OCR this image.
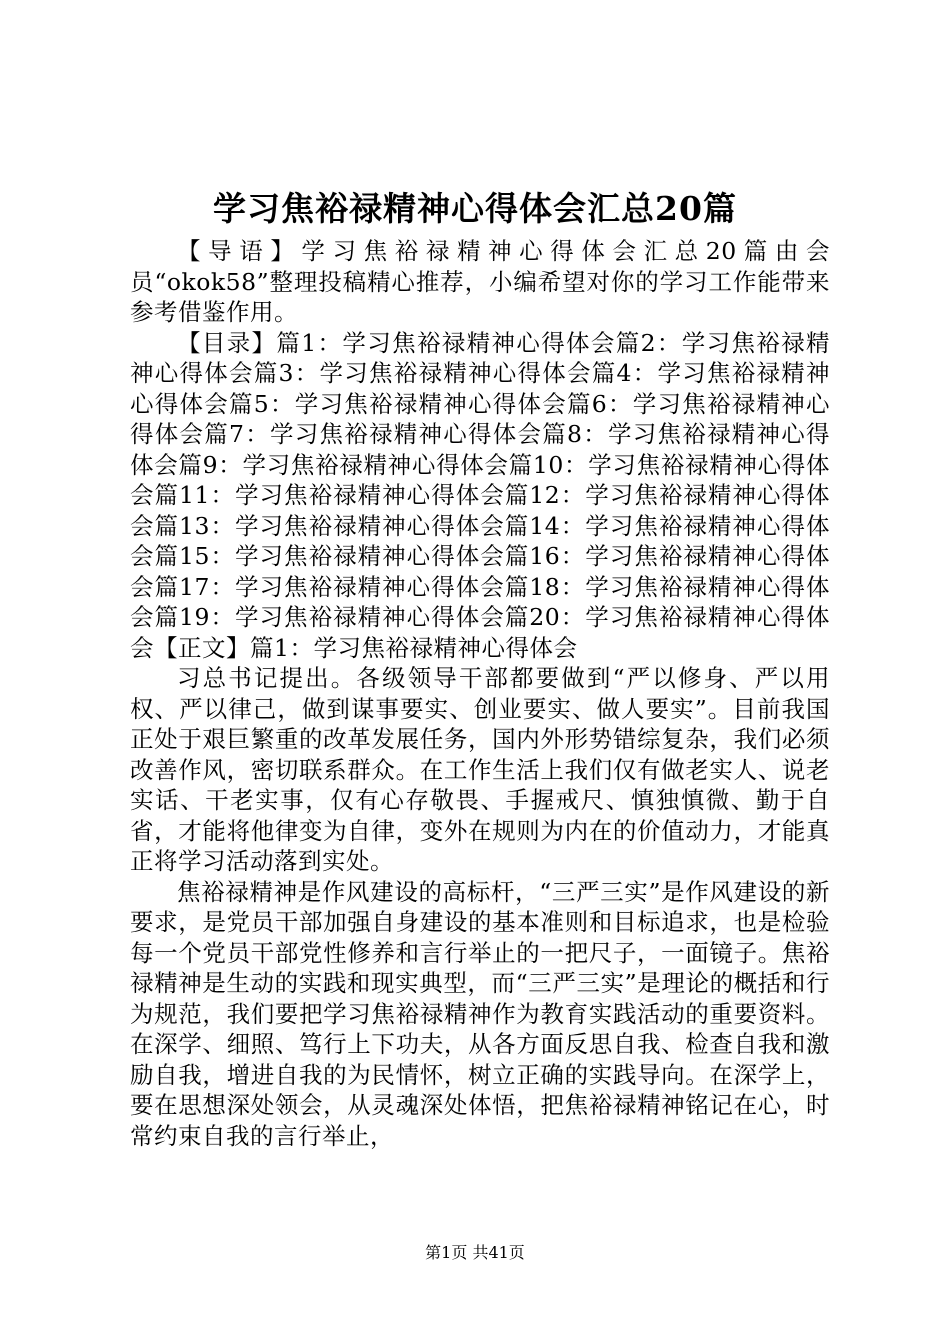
学习焦裕禄精神心得体会汇总20篇

【导语】学习焦裕禄精神心得体会汇总20篇由会员“okok58”整理投稿精心推荐，小编希望对你的学习工作能带来参考借鉴作用。

【目录】篇1：学习焦裕禄精神心得体会篇2：学习焦裕禄精神心得体会篇3：学习焦裕禄精神心得体会篇4：学习焦裕禄精神心得体会篇5：学习焦裕禄精神心得体会篇6：学习焦裕禄精神心得体会篇7：学习焦裕禄精神心得体会篇8：学习焦裕禄精神心得体会篇9：学习焦裕禄精神心得体会篇10：学习焦裕禄精神心得体会篇11：学习焦裕禄精神心得体会篇12：学习焦裕禄精神心得体会篇13：学习焦裕禄精神心得体会篇14：学习焦裕禄精神心得体会篇15：学习焦裕禄精神心得体会篇16：学习焦裕禄精神心得体会篇17：学习焦裕禄精神心得体会篇18：学习焦裕禄精神心得体会篇19：学习焦裕禄精神心得体会篇20：学习焦裕禄精神心得体会【正文】篇1：学习焦裕禄精神心得体会

习总书记提出。各级领导干部都要做到“严以修身、严以用权、严以律己，做到谋事要实、创业要实、做人要实”。目前我国正处于艰巨繁重的改革发展任务，国内外形势错综复杂，我们必须改善作风，密切联系群众。在工作生活上我们仅有做老实人、说老实话、干老实事，仅有心存敬畏、手握戒尺、慎独慎微、勤于自省，才能将他律变为自律，变外在规则为内在的价值动力，才能真正将学习活动落到实处。

焦裕禄精神是作风建设的高标杆，“三严三实”是作风建设的新要求，是党员干部加强自身建设的基本准则和目标追求，也是检验每一个党员干部党性修养和言行举止的一把尺子，一面镜子。焦裕禄精神是生动的实践和现实典型，而“三严三实”是理论的概括和行为规范，我们要把学习焦裕禄精神作为教育实践活动的重要资料。在深学、细照、笃行上下功夫，从各方面反思自我、检查自我和激励自我，增进自我的为民情怀，树立正确的实践导向。在深学上，要在思想深处领会，从灵魂深处体悟，把焦裕禄精神铭记在心，时常约束自我的言行举止，

第1页 共41页
